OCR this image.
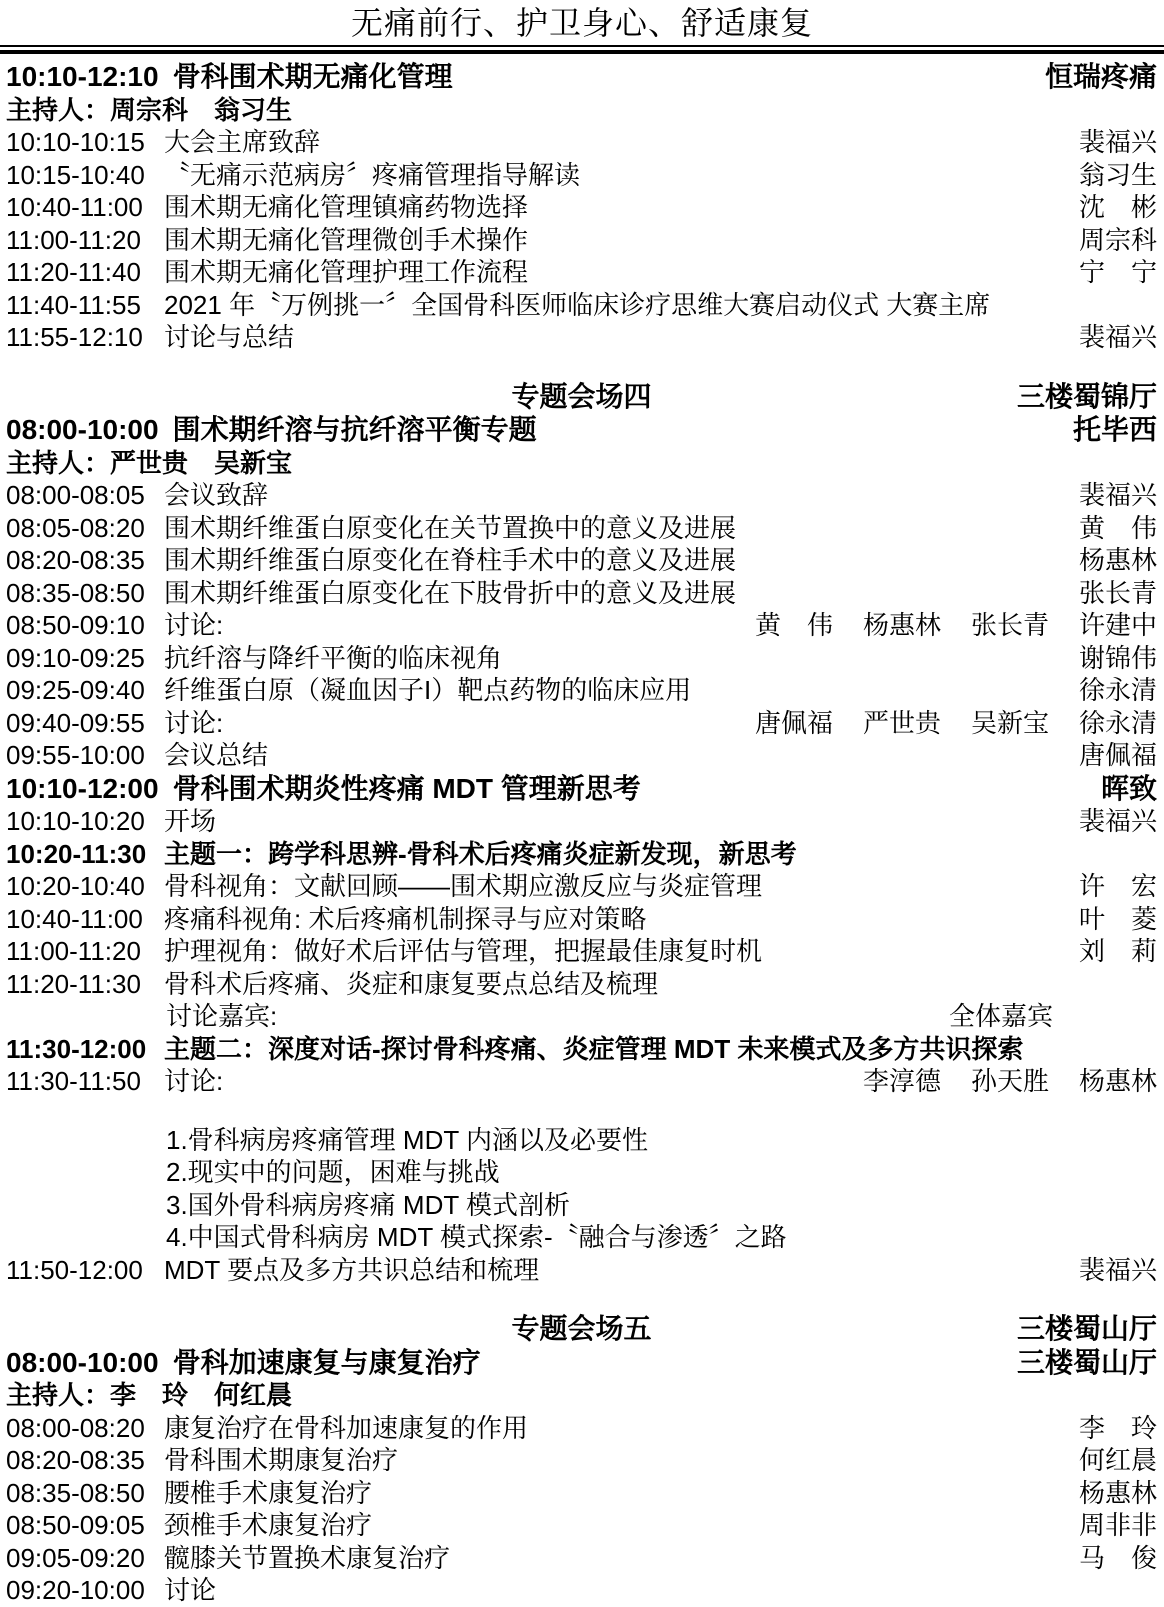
无痛前行、护卫身心、舒适康复
10:10-12:10 骨科围术期无痛化管理	恒瑞疼痛
主持人：周宗科　翁习生
10:10-10:15 大会主席致辞	裴福兴
10:15-10:40 〝无痛示范病房〞疼痛管理指导解读	翁习生
10:40-11:00 围术期无痛化管理镇痛药物选择	沈　彬
11:00-11:20 围术期无痛化管理微创手术操作	周宗科
11:20-11:40 围术期无痛化管理护理工作流程	宁　宁
11:40-11:55 2021 年〝万例挑一〞全国骨科医师临床诊疗思维大赛启动仪式 大赛主席
11:55-12:10 讨论与总结	裴福兴
专题会场四	三楼蜀锦厅
08:00-10:00 围术期纤溶与抗纤溶平衡专题	托毕西
主持人：严世贵　吴新宝
08:00-08:05 会议致辞	裴福兴
08:05-08:20 围术期纤维蛋白原变化在关节置换中的意义及进展	黄　伟
08:20-08:35 围术期纤维蛋白原变化在脊柱手术中的意义及进展	杨惠林
08:35-08:50 围术期纤维蛋白原变化在下肢骨折中的意义及进展	张长青
08:50-09:10 讨论:	黄　伟 杨惠林 张长青 许建中
09:10-09:25 抗纤溶与降纤平衡的临床视角	谢锦伟
09:25-09:40 纤维蛋白原（凝血因子I）靶点药物的临床应用	徐永清
09:40-09:55 讨论:	唐佩福 严世贵 吴新宝 徐永清
09:55-10:00 会议总结	唐佩福
10:10-12:00 骨科围术期炎性疼痛 MDT 管理新思考	晖致
10:10-10:20 开场	裴福兴
10:20-11:30 主题一：跨学科思辨-骨科术后疼痛炎症新发现，新思考
10:20-10:40 骨科视角：文献回顾——围术期应激反应与炎症管理	许　宏
10:40-11:00 疼痛科视角: 术后疼痛机制探寻与应对策略	叶　菱
11:00-11:20 护理视角：做好术后评估与管理，把握最佳康复时机	刘　莉
11:20-11:30 骨科术后疼痛、炎症和康复要点总结及梳理
讨论嘉宾:	全体嘉宾
11:30-12:00 主题二：深度对话-探讨骨科疼痛、炎症管理 MDT 未来模式及多方共识探索
11:30-11:50 讨论:	李淳德 孙天胜 杨惠林
1.骨科病房疼痛管理 MDT 内涵以及必要性
2.现实中的问题，困难与挑战
3.国外骨科病房疼痛 MDT 模式剖析
4.中国式骨科病房 MDT 模式探索-〝融合与渗透〞之路
11:50-12:00 MDT 要点及多方共识总结和梳理	裴福兴
专题会场五	三楼蜀山厅
08:00-10:00 骨科加速康复与康复治疗	三楼蜀山厅
主持人：李　玲　何红晨
08:00-08:20 康复治疗在骨科加速康复的作用	李　玲
08:20-08:35 骨科围术期康复治疗	何红晨
08:35-08:50 腰椎手术康复治疗	杨惠林
08:50-09:05 颈椎手术康复治疗	周非非
09:05-09:20 髋膝关节置换术康复治疗	马　俊
09:20-10:00 讨论
